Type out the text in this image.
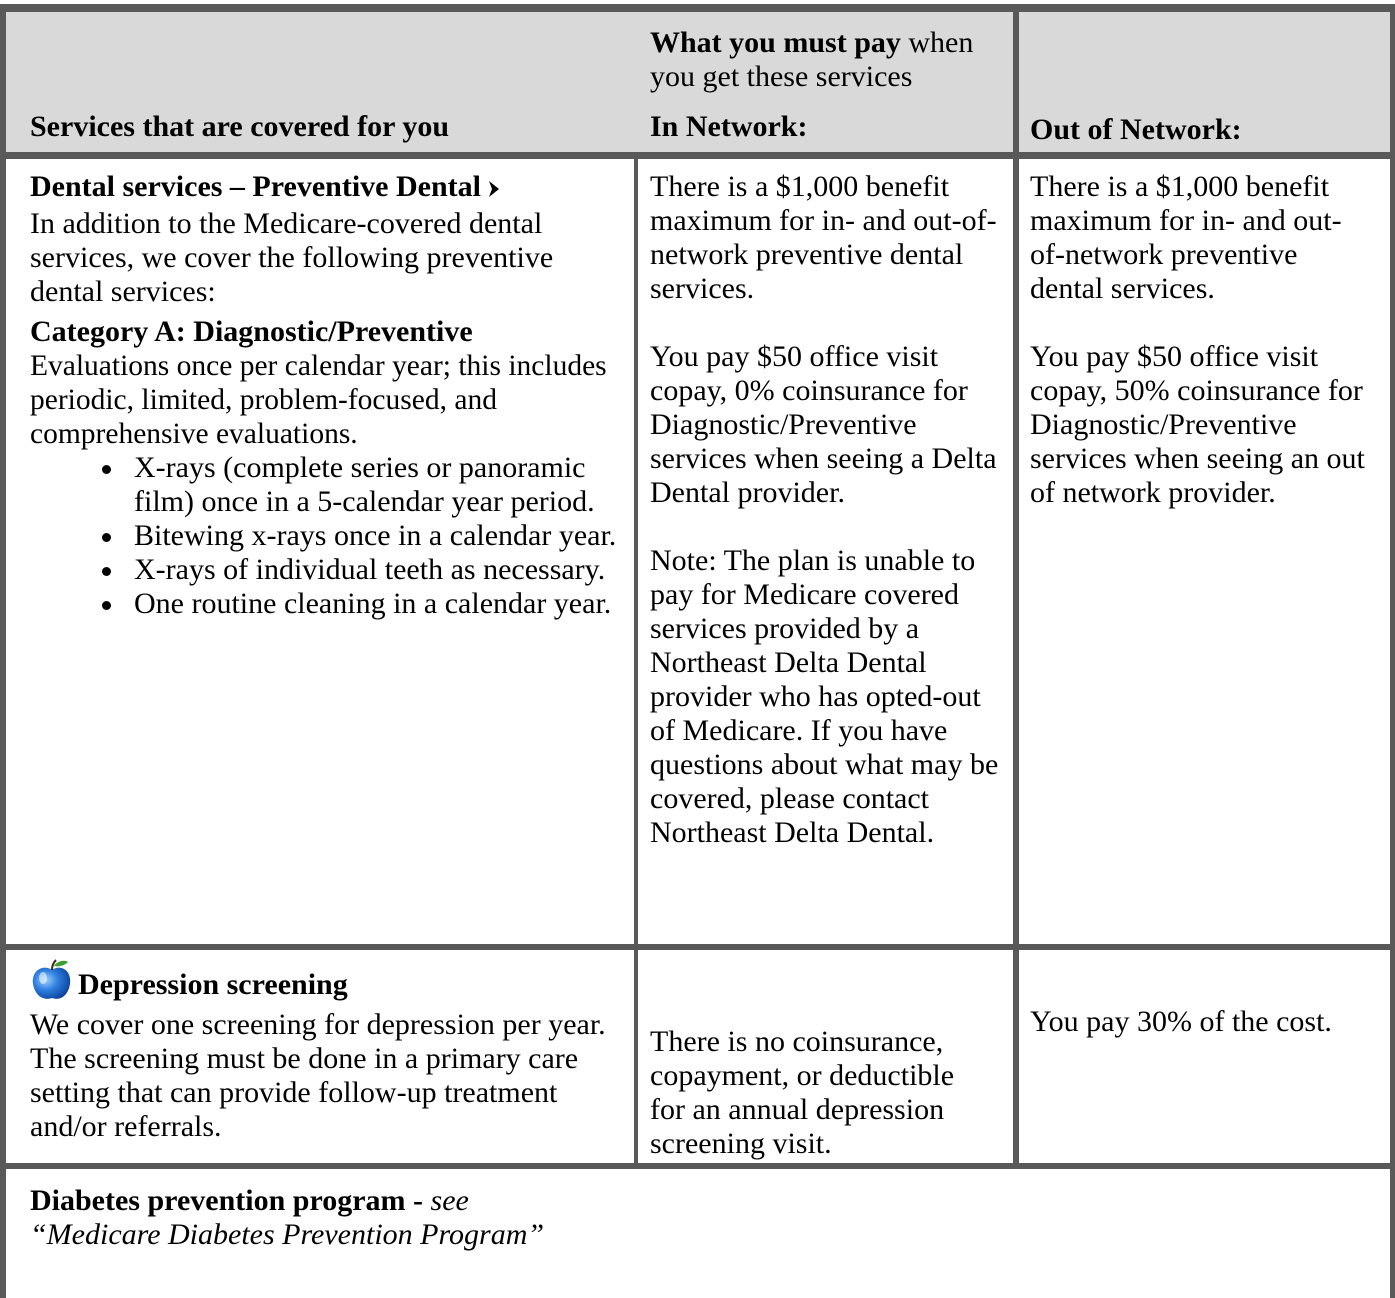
Services that are covered for you
What you must pay when you get these services
In Network:	Out of Network:

Dental services – Preventive Dental

In addition to the Medicare-covered dental services, we cover the following preventive dental services:

Category A: Diagnostic/Preventive

Evaluations once per calendar year; this includes periodic, limited, problem-focused, and comprehensive evaluations.

X-rays (complete series or panoramic film) once in a 5-calendar year period.
Bitewing x-rays once in a calendar year.
X-rays of individual teeth as necessary.
One routine cleaning in a calendar year.

There is a $1,000 benefit maximum for in- and out-of-network preventive dental services.

You pay $50 office visit copay, 0% coinsurance for Diagnostic/Preventive services when seeing a Delta Dental provider.

Note: The plan is unable to pay for Medicare covered services provided by a Northeast Delta Dental provider who has opted-out of Medicare. If you have questions about what may be covered, please contact Northeast Delta Dental.

There is a $1,000 benefit maximum for in- and out-of-network preventive dental services.

You pay $50 office visit copay, 50% coinsurance for Diagnostic/Preventive services when seeing an out of network provider.

Depression screening

We cover one screening for depression per year. The screening must be done in a primary care setting that can provide follow-up treatment and/or referrals.

There is no coinsurance, copayment, or deductible for an annual depression screening visit.
You pay 30% of the cost.
Diabetes prevention program - see “Medicare Diabetes Prevention Program”
